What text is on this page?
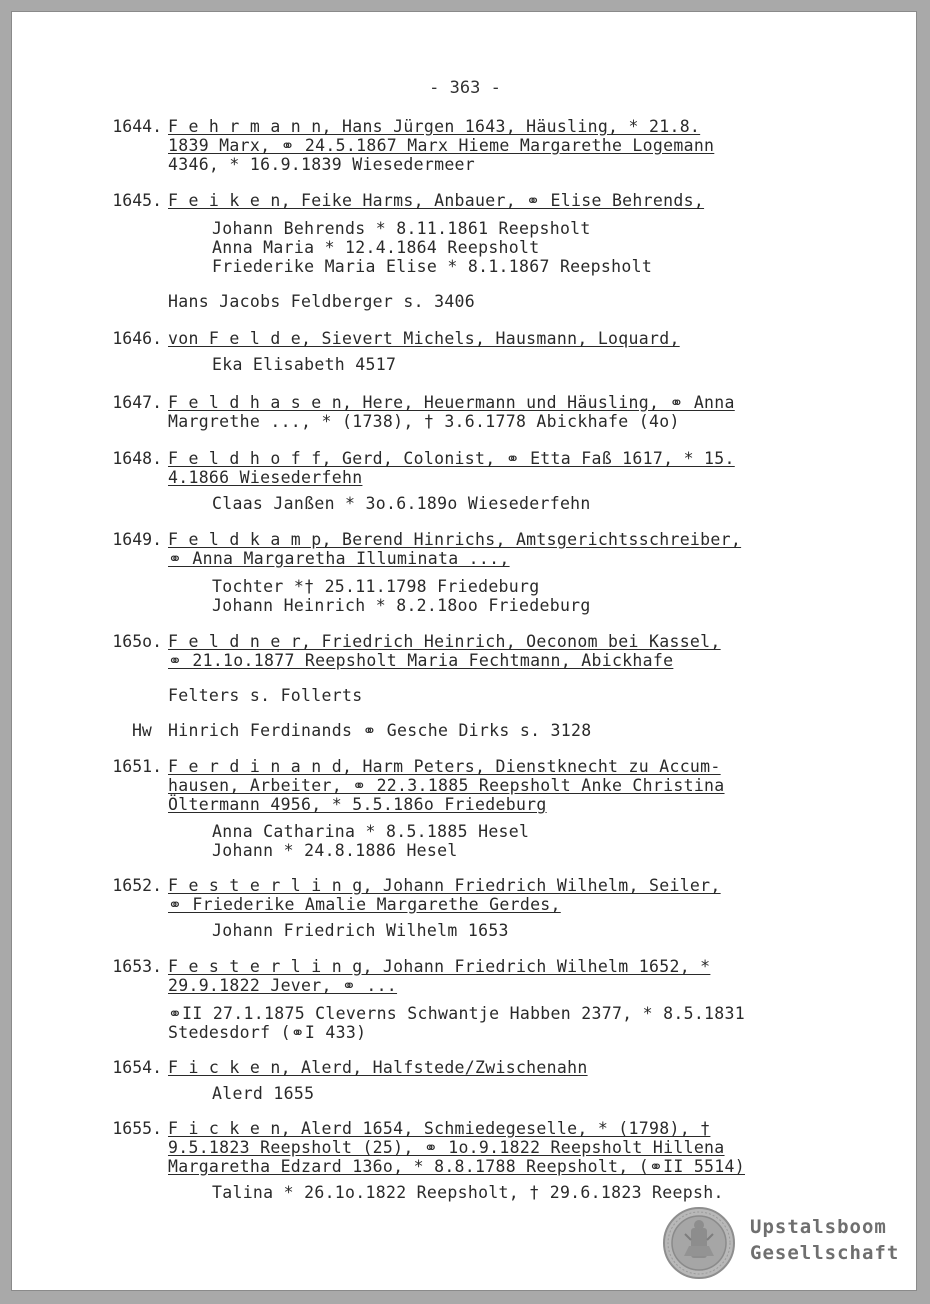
- 363 -
1644. F e h r m a n n, Hans Jürgen 1643, Häusling, * 21.8.
1839 Marx, ⚭ 24.5.1867 Marx Hieme Margarethe Logemann
4346, * 16.9.1839 Wiesedermeer
1645. F e i k e n, Feike Harms, Anbauer, ⚭ Elise Behrends,
Johann Behrends * 8.11.1861 Reepsholt
Anna Maria * 12.4.1864 Reepsholt
Friederike Maria Elise * 8.1.1867 Reepsholt
Hans Jacobs Feldberger s. 3406
1646. von F e l d e, Sievert Michels, Hausmann, Loquard,
Eka Elisabeth 4517
1647. F e l d h a s e n, Here, Heuermann und Häusling, ⚭ Anna
Margrethe ..., * (1738), † 3.6.1778 Abickhafe (4o)
1648. F e l d h o f f, Gerd, Colonist, ⚭ Etta Faß 1617, * 15.
4.1866 Wiesederfehn
Claas Janßen * 3o.6.189o Wiesederfehn
1649. F e l d k a m p, Berend Hinrichs, Amtsgerichtsschreiber,
⚭ Anna Margaretha Illuminata ...,
Tochter *† 25.11.1798 Friedeburg
Johann Heinrich * 8.2.18oo Friedeburg
165o. F e l d n e r, Friedrich Heinrich, Oeconom bei Kassel,
⚭ 21.1o.1877 Reepsholt Maria Fechtmann, Abickhafe
Felters s. Follerts
Hw Hinrich Ferdinands ⚭ Gesche Dirks s. 3128
1651. F e r d i n a n d, Harm Peters, Dienstknecht zu Accum-
hausen, Arbeiter, ⚭ 22.3.1885 Reepsholt Anke Christina
Öltermann 4956, * 5.5.186o Friedeburg
Anna Catharina * 8.5.1885 Hesel
Johann * 24.8.1886 Hesel
1652. F e s t e r l i n g, Johann Friedrich Wilhelm, Seiler,
⚭ Friederike Amalie Margarethe Gerdes,
Johann Friedrich Wilhelm 1653
1653. F e s t e r l i n g, Johann Friedrich Wilhelm 1652, *
29.9.1822 Jever, ⚭ ...
⚭II 27.1.1875 Cleverns Schwantje Habben 2377, * 8.5.1831
Stedesdorf (⚭I 433)
1654. F i c k e n, Alerd, Halfstede/Zwischenahn
Alerd 1655
1655. F i c k e n, Alerd 1654, Schmiedegeselle, * (1798), †
9.5.1823 Reepsholt (25), ⚭ 1o.9.1822 Reepsholt Hillena
Margaretha Edzard 136o, * 8.8.1788 Reepsholt, (⚭II 5514)
Talina * 26.1o.1822 Reepsholt, † 29.6.1823 Reepsh.
Upstalsboom
Gesellschaft
